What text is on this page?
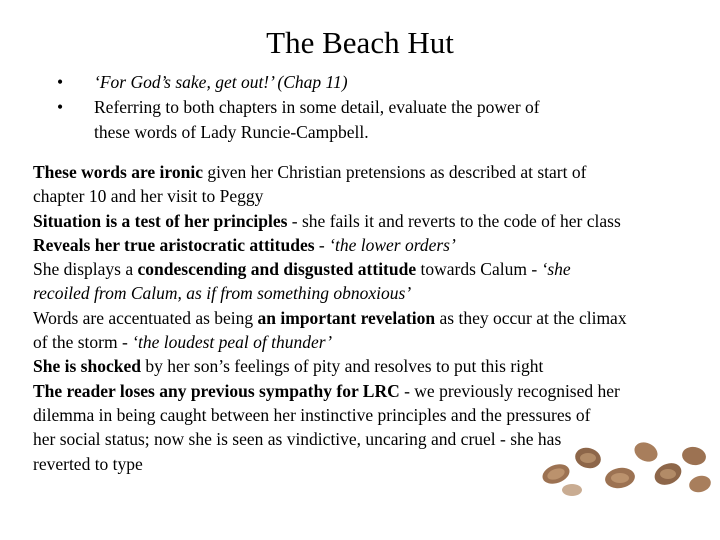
The Beach Hut
• ‘For God’s sake, get out!’ (Chap 11)
• Referring to both chapters in some detail, evaluate the power of
these words of Lady Runcie-Campbell.
These words are ironic given her Christian pretensions as described at start of
chapter 10 and her visit to Peggy
Situation is a test of her principles - she fails it and reverts to the code of her class
Reveals her true aristocratic attitudes - ‘the lower orders’
She displays a condescending and disgusted attitude towards Calum - ‘she
recoiled from Calum, as if from something obnoxious’
Words are accentuated as being an important revelation as they occur at the climax
of the storm - ‘the loudest peal of thunder’
She is shocked by her son’s feelings of pity and resolves to put this right
The reader loses any previous sympathy for LRC - we previously recognised her
dilemma in being caught between her instinctive principles and the pressures of
her social status; now she is seen as vindictive, uncaring and cruel - she has
reverted to type
